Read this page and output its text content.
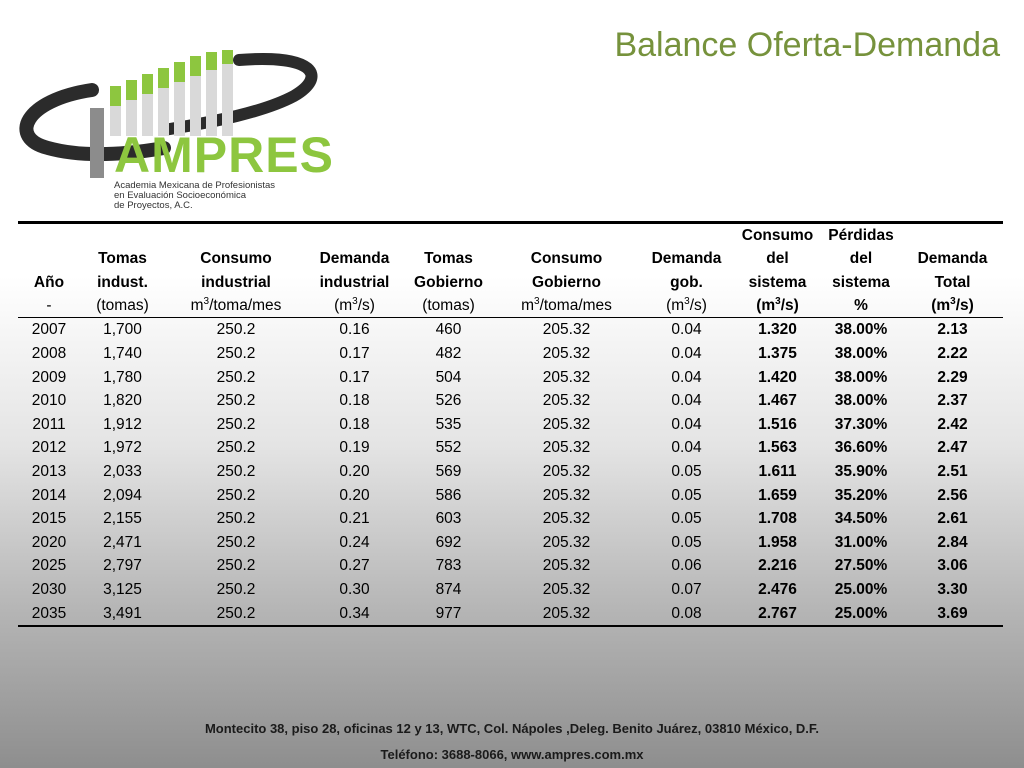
Balance Oferta-Demanda
AMPRES
Academia Mexicana de Profesionistas
en Evaluación Socioeconómica
de Proyectos, A.C.
							Consumo	Pérdidas	
	Tomas	Consumo	Demanda	Tomas	Consumo	Demanda	del	del	Demanda
Año	indust.	industrial	industrial	Gobierno	Gobierno	gob.	sistema	sistema	Total
-	(tomas)	$m^3/toma$/mes	$(m^3/s)$	(tomas)	$m^3/toma$/mes	$(m^3/s)$	$(m^3/s)$	%	$(m^3/s)$
2007	1,700	250.2	0.16	460	205.32	0.04	1.320	38.00%	2.13
2008	1,740	250.2	0.17	482	205.32	0.04	1.375	38.00%	2.22
2009	1,780	250.2	0.17	504	205.32	0.04	1.420	38.00%	2.29
2010	1,820	250.2	0.18	526	205.32	0.04	1.467	38.00%	2.37
2011	1,912	250.2	0.18	535	205.32	0.04	1.516	37.30%	2.42
2012	1,972	250.2	0.19	552	205.32	0.04	1.563	36.60%	2.47
2013	2,033	250.2	0.20	569	205.32	0.05	1.611	35.90%	2.51
2014	2,094	250.2	0.20	586	205.32	0.05	1.659	35.20%	2.56
2015	2,155	250.2	0.21	603	205.32	0.05	1.708	34.50%	2.61
2020	2,471	250.2	0.24	692	205.32	0.05	1.958	31.00%	2.84
2025	2,797	250.2	0.27	783	205.32	0.06	2.216	27.50%	3.06
2030	3,125	250.2	0.30	874	205.32	0.07	2.476	25.00%	3.30
2035	3,491	250.2	0.34	977	205.32	0.08	2.767	25.00%	3.69
Montecito 38, piso 28, oficinas 12 y 13, WTC, Col. Nápoles ,Deleg. Benito Juárez, 03810 México, D.F.
Teléfono: 3688-8066, www.ampres.com.mx
